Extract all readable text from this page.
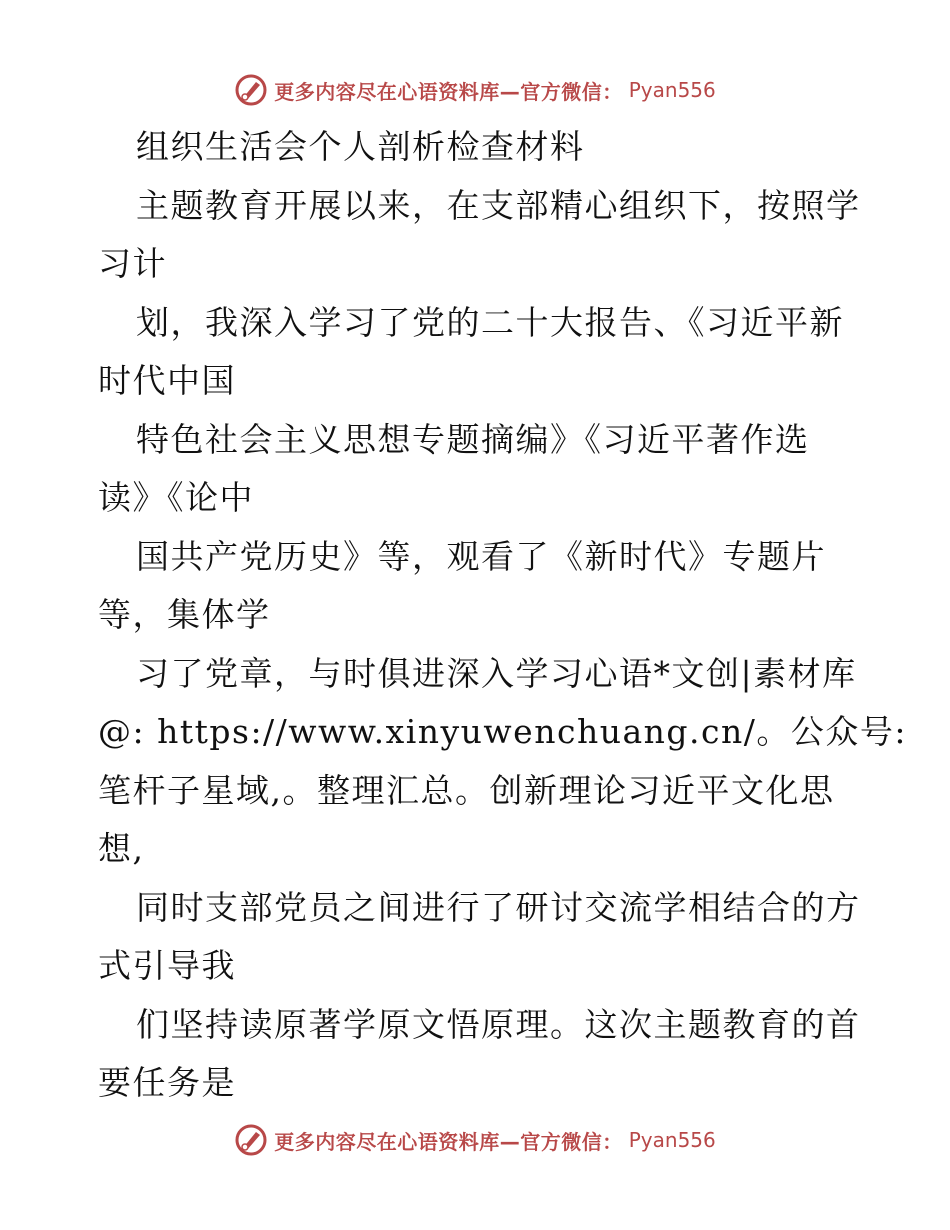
更多内容尽在心语资料库—官方微信： Pyan556
组织生活会个人剖析检查材料
主题教育开展以来，在支部精心组织下，按照学
习计
划，我深入学习了党的二十大报告、《习近平新
时代中国
特色社会主义思想专题摘编》《习近平著作选
读》《论中
国共产党历史》等，观看了《新时代》专题片
等，集体学
习了党章，与时俱进深入学习心语*文创|素材库
@: https://www.xinyuwenchuang.cn/。公众号:
笔杆子星域,。整理汇总。创新理论习近平文化思
想,
同时支部党员之间进行了研讨交流学相结合的方
式引导我
们坚持读原著学原文悟原理。这次主题教育的首
要任务是
更多内容尽在心语资料库—官方微信： Pyan556
